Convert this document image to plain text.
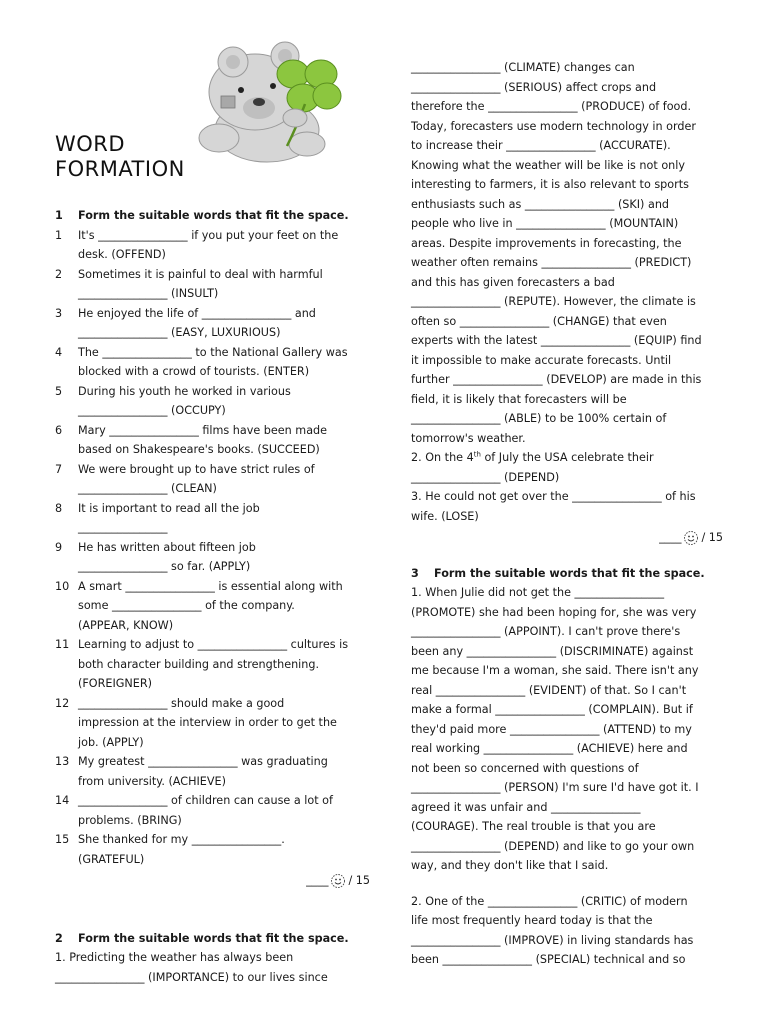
WORD
FORMATION
1	Form the suitable words that fit the space.
1	It's ________________ if you put your feet on the
desk. (OFFEND)
2	Sometimes it is painful to deal with harmful
________________ (INSULT)
3	He enjoyed the life of ________________ and
________________ (EASY, LUXURIOUS)
4	The ________________ to the National Gallery was
blocked with a crowd of tourists. (ENTER)
5	During his youth he worked in various
________________ (OCCUPY)
6	Mary ________________ films have been made
based on Shakespeare's books. (SUCCEED)
7	We were brought up to have strict rules of
________________ (CLEAN)
8	It is important to read all the job
________________
9	He has written about fifteen job
________________ so far. (APPLY)
10 A smart ________________ is essential along with
some ________________ of the company.
(APPEAR, KNOW)
11 Learning to adjust to ________________ cultures is
both character building and strengthening.
(FOREIGNER)
12 ________________ should make a good
impression at the interview in order to get the
job. (APPLY)
13 My greatest ________________ was graduating
from university. (ACHIEVE)
14 ________________ of children can cause a lot of
problems. (BRING)
15 She thanked for my ________________.
(GRATEFUL)
____ / 15
2	Form the suitable words that fit the space.
1. Predicting the weather has always been
________________ (IMPORTANCE) to our lives since
________________ (CLIMATE) changes can
________________ (SERIOUS) affect crops and
therefore the ________________ (PRODUCE) of food.
Today, forecasters use modern technology in order
to increase their ________________ (ACCURATE).
Knowing what the weather will be like is not only
interesting to farmers, it is also relevant to sports
enthusiasts such as ________________ (SKI) and
people who live in ________________ (MOUNTAIN)
areas. Despite improvements in forecasting, the
weather often remains ________________ (PREDICT)
and this has given forecasters a bad
________________ (REPUTE). However, the climate is
often so ________________ (CHANGE) that even
experts with the latest ________________ (EQUIP) find
it impossible to make accurate forecasts. Until
further ________________ (DEVELOP) are made in this
field, it is likely that forecasters will be
________________ (ABLE) to be 100% certain of
tomorrow's weather.
2. On the 4th of July the USA celebrate their
________________ (DEPEND)
3. He could not get over the ________________ of his
wife. (LOSE)
____ / 15
3	Form the suitable words that fit the space.
1. When Julie did not get the ________________
(PROMOTE) she had been hoping for, she was very
________________ (APPOINT). I can't prove there's
been any ________________ (DISCRIMINATE) against
me because I'm a woman, she said. There isn't any
real ________________ (EVIDENT) of that. So I can't
make a formal ________________ (COMPLAIN). But if
they'd paid more ________________ (ATTEND) to my
real working ________________ (ACHIEVE) here and
not been so concerned with questions of
________________ (PERSON) I'm sure I'd have got it. I
agreed it was unfair and ________________
(COURAGE). The real trouble is that you are
________________ (DEPEND) and like to go your own
way, and they don't like that I said.
2. One of the ________________ (CRITIC) of modern
life most frequently heard today is that the
________________ (IMPROVE) in living standards has
been ________________ (SPECIAL) technical and so
